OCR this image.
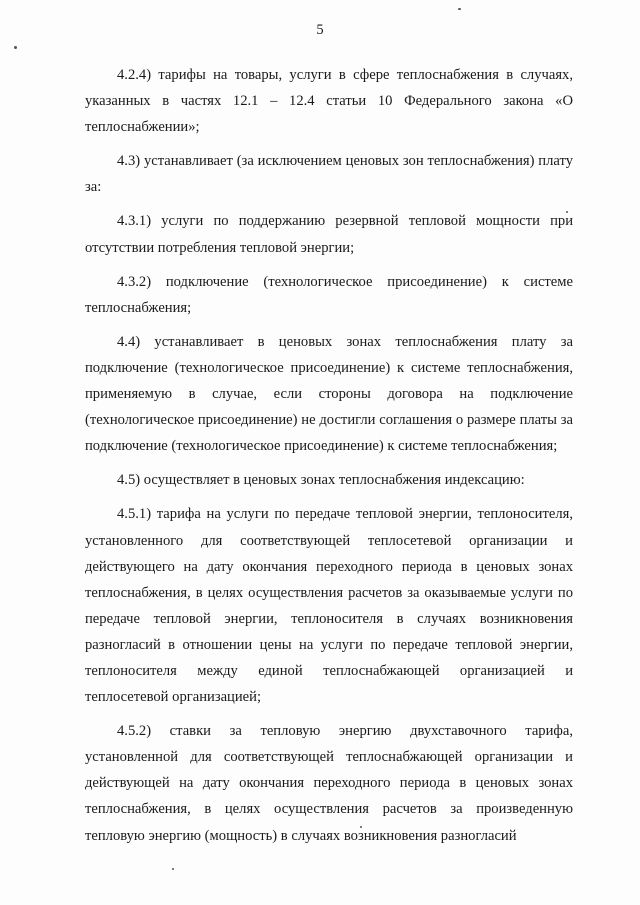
5

4.2.4) тарифы на товары, услуги в сфере теплоснабжения в случаях, указанных в частях 12.1 – 12.4 статьи 10 Федерального закона «О теплоснабжении»;

4.3) устанавливает (за исключением ценовых зон теплоснабжения) плату за:

4.3.1) услуги по поддержанию резервной тепловой мощности при отсутствии потребления тепловой энергии;

4.3.2) подключение (технологическое присоединение) к системе теплоснабжения;

4.4) устанавливает в ценовых зонах теплоснабжения плату за подключение (технологическое присоединение) к системе теплоснабжения, применяемую в случае, если стороны договора на подключение (технологическое присоединение) не достигли соглашения о размере платы за подключение (технологическое присоединение) к системе теплоснабжения;

4.5) осуществляет в ценовых зонах теплоснабжения индексацию:

4.5.1) тарифа на услуги по передаче тепловой энергии, теплоносителя, установленного для соответствующей теплосетевой организации и действующего на дату окончания переходного периода в ценовых зонах теплоснабжения, в целях осуществления расчетов за оказываемые услуги по передаче тепловой энергии, теплоносителя в случаях возникновения разногласий в отношении цены на услуги по передаче тепловой энергии, теплоносителя между единой теплоснабжающей организацией и теплосетевой организацией;

4.5.2) ставки за тепловую энергию двухставочного тарифа, установленной для соответствующей теплоснабжающей организации и действующей на дату окончания переходного периода в ценовых зонах теплоснабжения, в целях осуществления расчетов за произведенную тепловую энергию (мощность) в случаях возникновения разногласий
